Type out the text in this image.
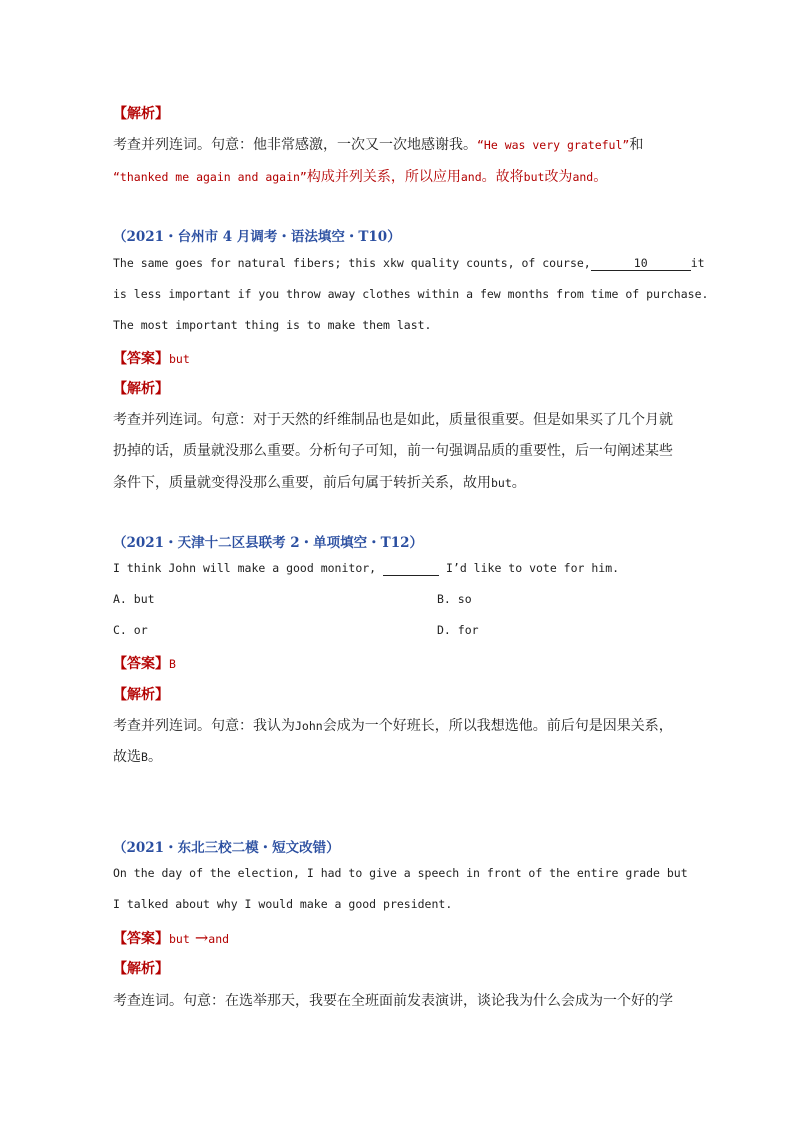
【解析】
考查并列连词。句意：他非常感激，一次又一次地感谢我。“He was very grateful”和
“thanked me again and again”构成并列关系，所以应用and。故将but改为and。
（2021・台州市 4 月调考・语法填空・T10）
The same goes for natural fibers; this xkw quality counts, of course,	10	it
is less important if you throw away clothes within a few months from time of purchase.
The most important thing is to make them last.
【答案】but
【解析】
考查并列连词。句意：对于天然的纤维制品也是如此，质量很重要。但是如果买了几个月就
扔掉的话，质量就没那么重要。分析句子可知，前一句强调品质的重要性，后一句阐述某些
条件下，质量就变得没那么重要，前后句属于转折关系，故用but。
（2021・天津十二区县联考 2・单项填空・T12）
I think John will make a good monitor,	I’d like to vote for him.
A. but	B. so
C. or	D. for
【答案】B
【解析】
考查并列连词。句意：我认为John会成为一个好班长，所以我想选他。前后句是因果关系，
故选B。
（2021・东北三校二模・短文改错）
On the day of the election, I had to give a speech in front of the entire grade but
I talked about why I would make a good president.
【答案】but →and
【解析】
考查连词。句意：在选举那天，我要在全班面前发表演讲，谈论我为什么会成为一个好的学
